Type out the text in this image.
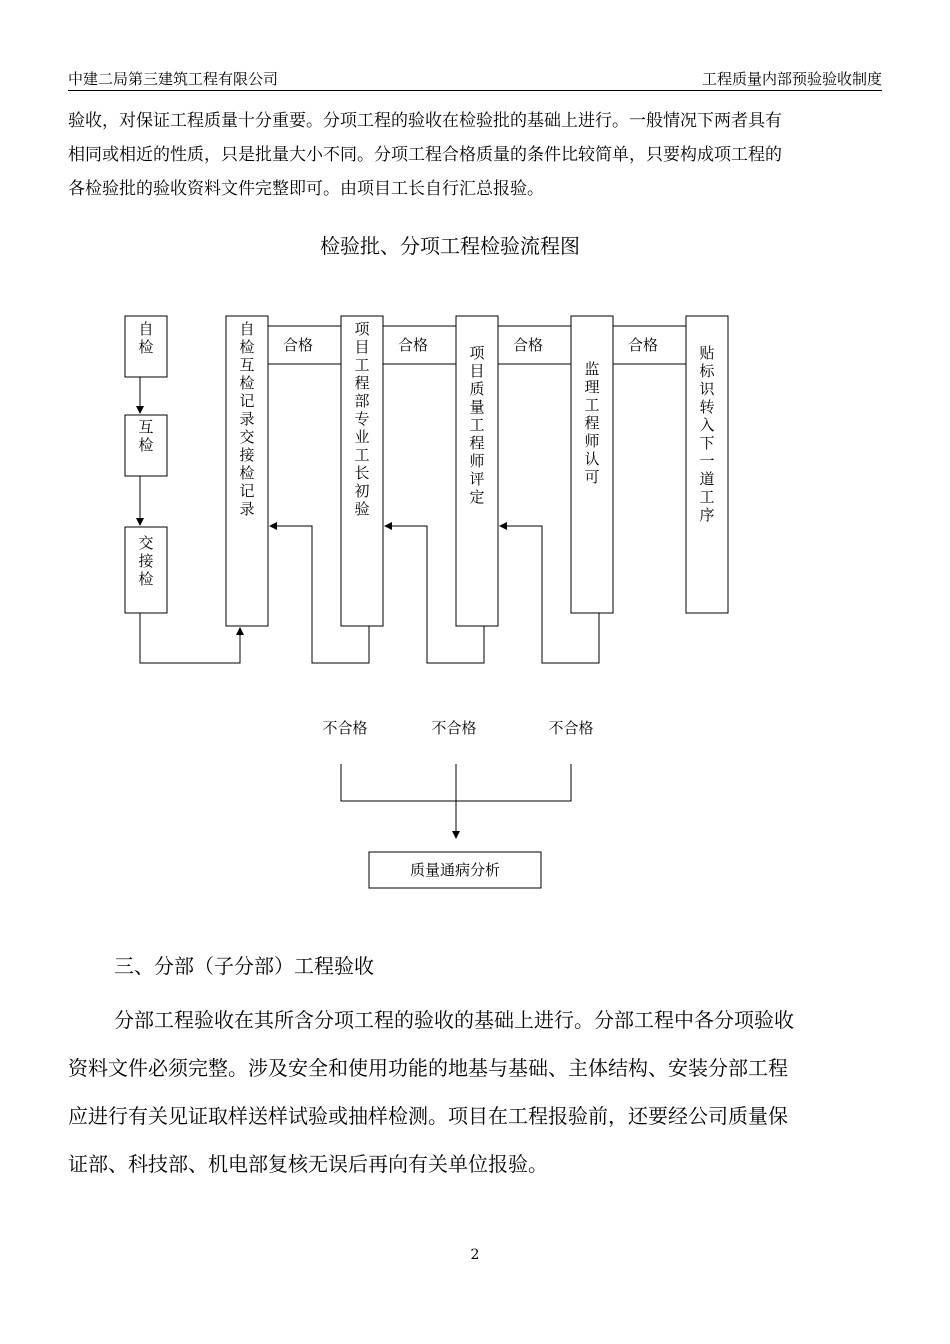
中建二局第三建筑工程有限公司	工程质量内部预验验收制度
验收，对保证工程质量十分重要。分项工程的验收在检验批的基础上进行。一般情况下两者具有
相同或相近的性质，只是批量大小不同。分项工程合格质量的条件比较简单，只要构成项工程的
各检验批的验收资料文件完整即可。由项目工长自行汇总报验。
检验批、分项工程检验流程图
自检
互检
交接检
自检互检记录交接检记录
项目工程部专业工长初验
项目质量工程师评定
监理工程师认可
贴标识转入下一道工序
合格	合格	合格	合格
不合格	不合格	不合格
质量通病分析
三、分部（子分部）工程验收
分部工程验收在其所含分项工程的验收的基础上进行。分部工程中各分项验收
资料文件必须完整。涉及安全和使用功能的地基与基础、主体结构、安装分部工程
应进行有关见证取样送样试验或抽样检测。项目在工程报验前，还要经公司质量保
证部、科技部、机电部复核无误后再向有关单位报验。
2
